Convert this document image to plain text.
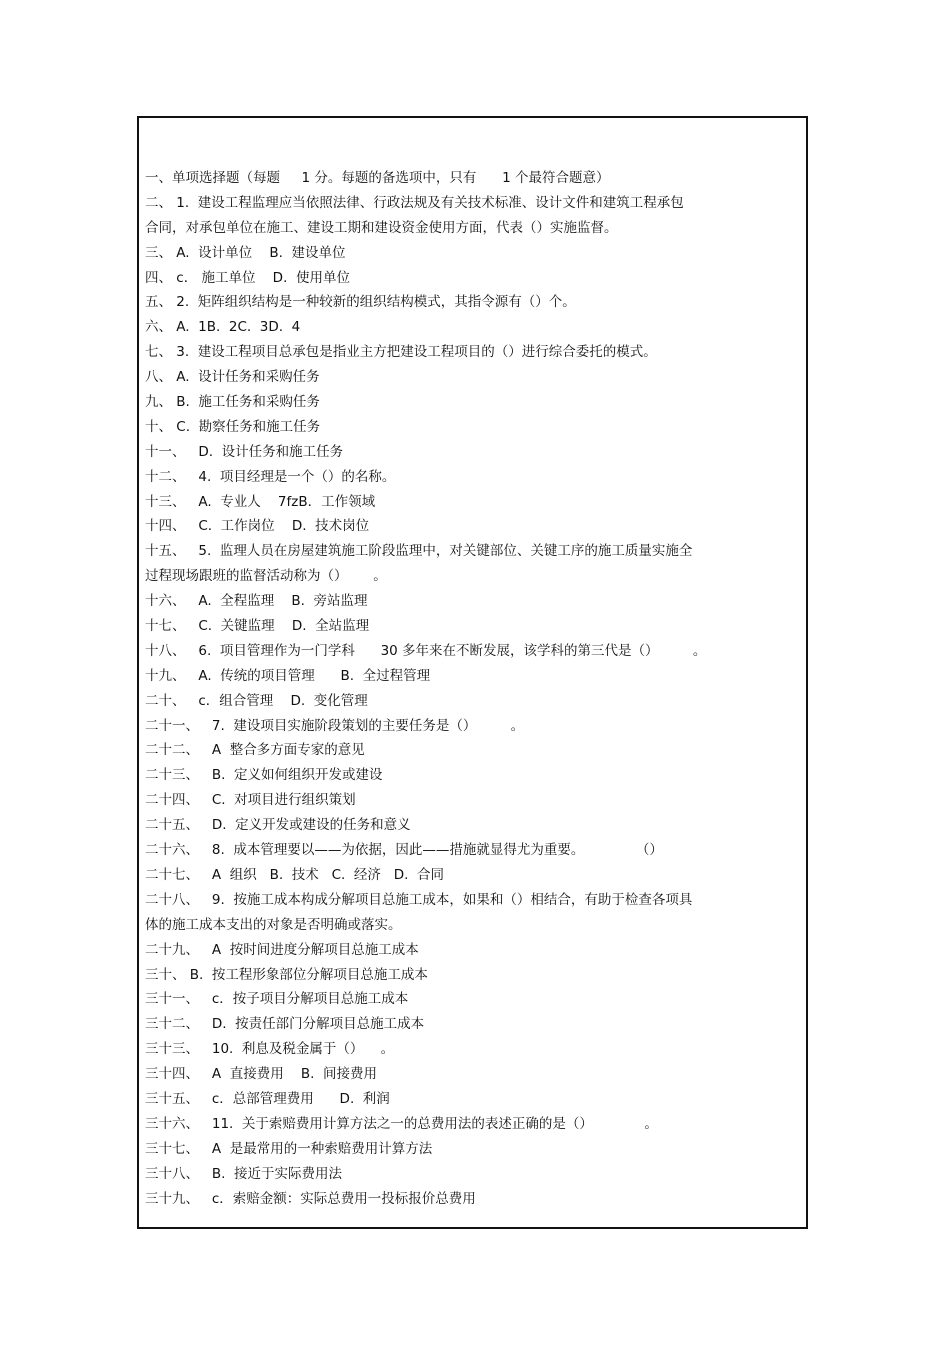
一、单项选择题（每题     1 分。每题的备选项中，只有      1 个最符合题意）
二、 1.  建设工程监理应当依照法律、行政法规及有关技术标准、设计文件和建筑工程承包
合同，对承包单位在施工、建设工期和建设资金使用方面，代表（）实施监督。
三、 A.  设计单位    B.  建设单位
四、 c． 施工单位    D.  使用单位
五、 2.  矩阵组织结构是一种较新的组织结构模式，其指令源有（）个。
六、 A.  1B.  2C.  3D.  4
七、 3.  建设工程项目总承包是指业主方把建设工程项目的（）进行综合委托的模式。
八、 A.  设计任务和采购任务
九、 B.  施工任务和采购任务
十、 C.  勘察任务和施工任务
十一、   D.  设计任务和施工任务
十二、   4.  项目经理是一个（）的名称。
十三、   A.  专业人    7fzB．工作领域
十四、   C.  工作岗位    D.  技术岗位
十五、   5.  监理人员在房屋建筑施工阶段监理中，对关键部位、关键工序的施工质量实施全
过程现场跟班的监督活动称为（）      。
十六、   A.  全程监理    B.  旁站监理
十七、   C.  关键监理    D.  全站监理
十八、   6.  项目管理作为一门学科      30 多年来在不断发展，该学科的第三代是（）        。
十九、   A.  传统的项目管理      B.  全过程管理
二十、   c．组合管理    D.  变化管理
二十一、   7.  建设项目实施阶段策划的主要任务是（）        。
二十二、   A  整合多方面专家的意见
二十三、   B.  定义如何组织开发或建设
二十四、   C.  对项目进行组织策划
二十五、   D.  定义开发或建设的任务和意义
二十六、   8.  成本管理要以——为依据，因此——措施就显得尤为重要。            （）
二十七、   A  组织   B.  技术   C.  经济   D.  合同
二十八、   9.  按施工成本构成分解项目总施工成本，如果和（）相结合，有助于检查各项具
体的施工成本支出的对象是否明确或落实。
二十九、   A  按时间进度分解项目总施工成本
三十、 B.  按工程形象部位分解项目总施工成本
三十一、   c．按子项目分解项目总施工成本
三十二、   D.  按责任部门分解项目总施工成本
三十三、   10.  利息及税金属于（）    。
三十四、   A  直接费用    B.  间接费用
三十五、   c．总部管理费用      D.  利润
三十六、   11.  关于索赔费用计算方法之一的总费用法的表述正确的是（）            。
三十七、   A  是最常用的一种索赔费用计算方法
三十八、   B.  接近于实际费用法
三十九、   c．索赔金额：实际总费用一投标报价总费用
